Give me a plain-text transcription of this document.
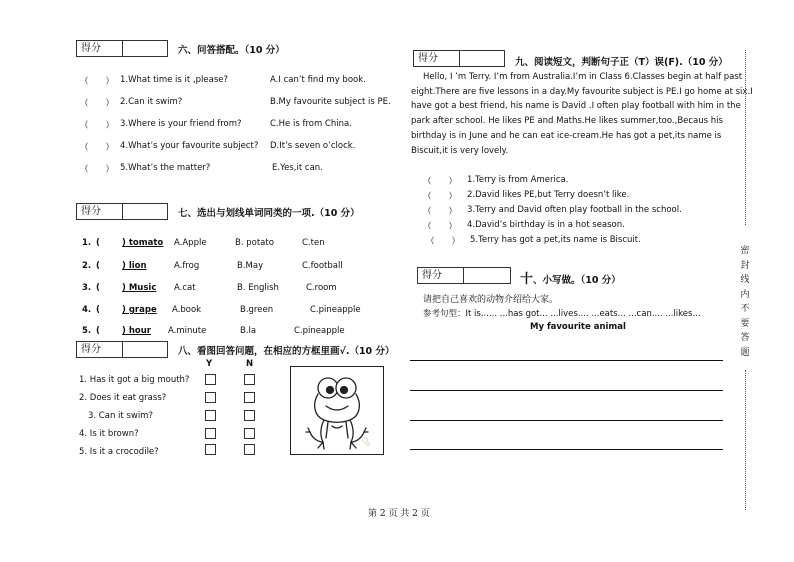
得分	六、问答搭配。（10 分）
（　　） 1.What time is it ,please?	A.I can’t find my book.
（　　） 2.Can it swim?	B.My favourite subject is PE.
（　　） 3.Where is your friend from?	C.He is from China.
（　　） 4.What’s your favourite subject? D.It’s seven o’clock.
（　　） 5.What’s the matter?	E.Yes,it can.
得分	七、选出与划线单词同类的一项.（10 分）
1. (	) tomato A.Apple	B. potato	C.ten
2. (	) lion	A.frog	B.May	C.football
3. (	) Music A.cat	B. English	C.room
4. (	) grape A.book	B.green	C.pineapple
5. (	) hour A.minute	B.la	C.pineapple
得分	八、看图回答问题，在相应的方框里画√.（10 分）
Y	N
1. Has it got a big mouth?
2. Does it eat grass?
3. Can it swim?
4. Is it brown?
5. Is it a crocodile?
得分	九、阅读短文，判断句子正（T）误(F).（10 分）
Hello, I ’m Terry. I’m from Australia.I’m in Class 6.Classes begin at half past
eight.There are five lessons in a day.My favourite subject is PE.I go home at six.I
have got a best friend, his name is David .I often play football with him in the
park after school. He likes PE and Maths.He likes summer,too.,Becaus his
birthday is in June and he can eat ice-cream.He has got a pet,its name is
Biscuit,it is very lovely.
（　　） 1.Terry is from America.
（　　） 2.David likes PE,but Terry doesn’t like.
（　　） 3.Terry and David often play football in the school.
（　　） 4.David’s birthday is in a hot season.
（　　） 5.Terry has got a pet,its name is Biscuit.
得分	十、小写做。（10 分）
请把自己喜欢的动物介绍给大家。
参考句型：It is...... ...has got... ...lives.... ...eats... ...can.... ...likes...
My favourite animal
密
封
线
内
不
要
答
题
第 2 页 共 2 页
